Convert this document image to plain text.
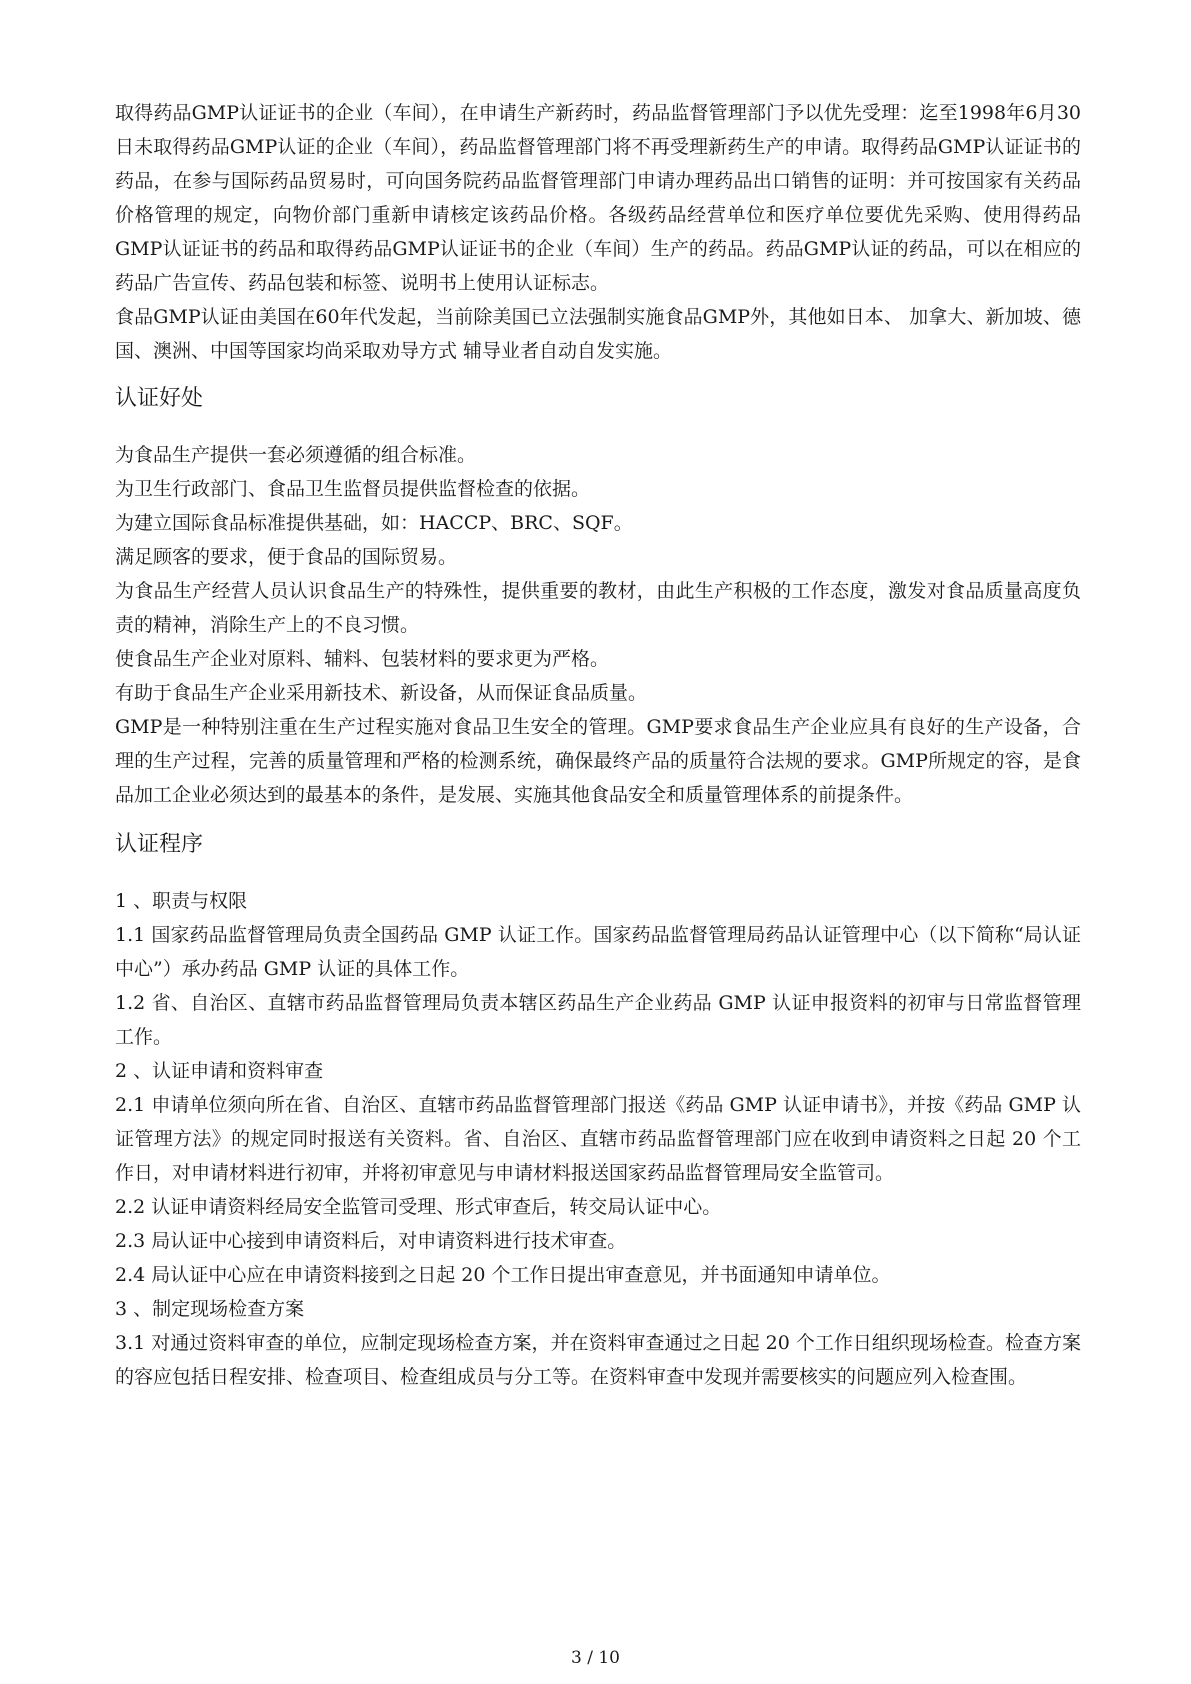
取得药品GMP认证证书的企业（车间），在申请生产新药时，药品监督管理部门予以优先受理：迄至1998年6月30日未取得药品GMP认证的企业（车间），药品监督管理部门将不再受理新药生产的申请。取得药品GMP认证证书的药品，在参与国际药品贸易时，可向国务院药品监督管理部门申请办理药品出口销售的证明：并可按国家有关药品价格管理的规定，向物价部门重新申请核定该药品价格。各级药品经营单位和医疗单位要优先采购、使用得药品GMP认证证书的药品和取得药品GMP认证证书的企业（车间）生产的药品。药品GMP认证的药品，可以在相应的药品广告宣传、药品包装和标签、说明书上使用认证标志。

食品GMP认证由美国在60年代发起，当前除美国已立法强制实施食品GMP外，其他如日本、 加拿大、新加坡、德国、澳洲、中国等国家均尚采取劝导方式 辅导业者自动自发实施。

认证好处

为食品生产提供一套必须遵循的组合标准。

为卫生行政部门、食品卫生监督员提供监督检查的依据。

为建立国际食品标准提供基础，如：HACCP、BRC、SQF。

满足顾客的要求，便于食品的国际贸易。

为食品生产经营人员认识食品生产的特殊性，提供重要的教材，由此生产积极的工作态度，激发对食品质量高度负责的精神，消除生产上的不良习惯。

使食品生产企业对原料、辅料、包装材料的要求更为严格。

有助于食品生产企业采用新技术、新设备，从而保证食品质量。

GMP是一种特别注重在生产过程实施对食品卫生安全的管理。GMP要求食品生产企业应具有良好的生产设备，合理的生产过程，完善的质量管理和严格的检测系统，确保最终产品的质量符合法规的要求。GMP所规定的容，是食品加工企业必须达到的最基本的条件，是发展、实施其他食品安全和质量管理体系的前提条件。

认证程序

1 、职责与权限

1.1 国家药品监督管理局负责全国药品 GMP 认证工作。国家药品监督管理局药品认证管理中心（以下简称“局认证中心”）承办药品 GMP 认证的具体工作。

1.2 省、自治区、直辖市药品监督管理局负责本辖区药品生产企业药品 GMP 认证申报资料的初审与日常监督管理工作。

2 、认证申请和资料审查

2.1 申请单位须向所在省、自治区、直辖市药品监督管理部门报送《药品 GMP 认证申请书》，并按《药品 GMP 认证管理方法》的规定同时报送有关资料。省、自治区、直辖市药品监督管理部门应在收到申请资料之日起 20 个工作日，对申请材料进行初审，并将初审意见与申请材料报送国家药品监督管理局安全监管司。

2.2 认证申请资料经局安全监管司受理、形式审查后，转交局认证中心。

2.3 局认证中心接到申请资料后，对申请资料进行技术审查。

2.4 局认证中心应在申请资料接到之日起 20 个工作日提出审查意见，并书面通知申请单位。

3 、制定现场检查方案

3.1 对通过资料审查的单位，应制定现场检查方案，并在资料审查通过之日起 20 个工作日组织现场检查。检查方案的容应包括日程安排、检查项目、检查组成员与分工等。在资料审查中发现并需要核实的问题应列入检查围。

3 / 10
